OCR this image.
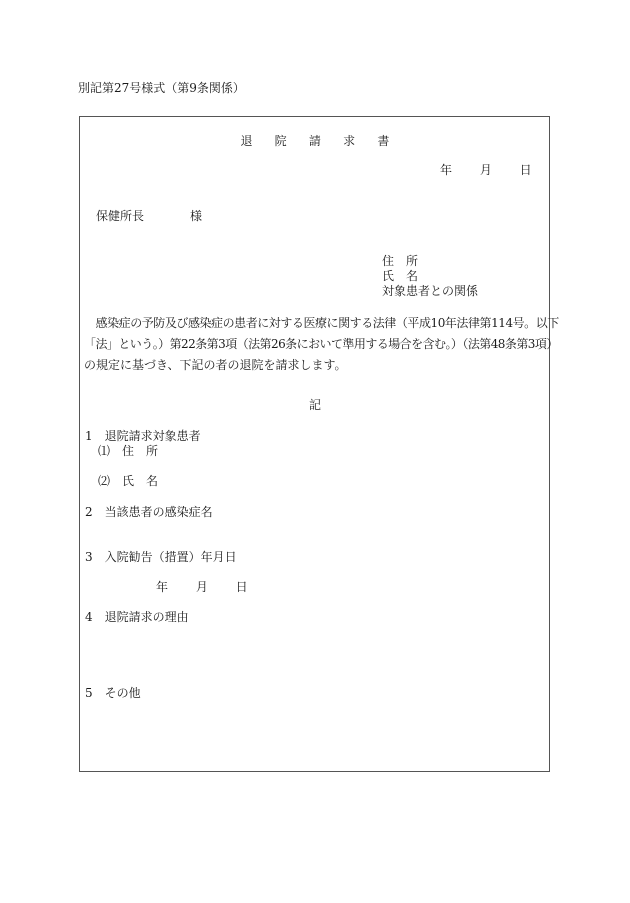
別記第27号様式（第9条関係）
退 院 請 求 書
年 月 日
保健所長	様
住　所
氏　名
対象患者との関係
　感染症の予防及び感染症の患者に対する医療に関する法律（平成10年法律第114号。以下
「法」という。）第22条第3項（法第26条において準用する場合を含む。）（法第48条第3項）
の規定に基づき、下記の者の退院を請求します。
記
1　退院請求対象患者
⑴　住　所
⑵　氏　名
2　当該患者の感染症名
3　入院勧告（措置）年月日
年 月 日
4　退院請求の理由
5　その他
